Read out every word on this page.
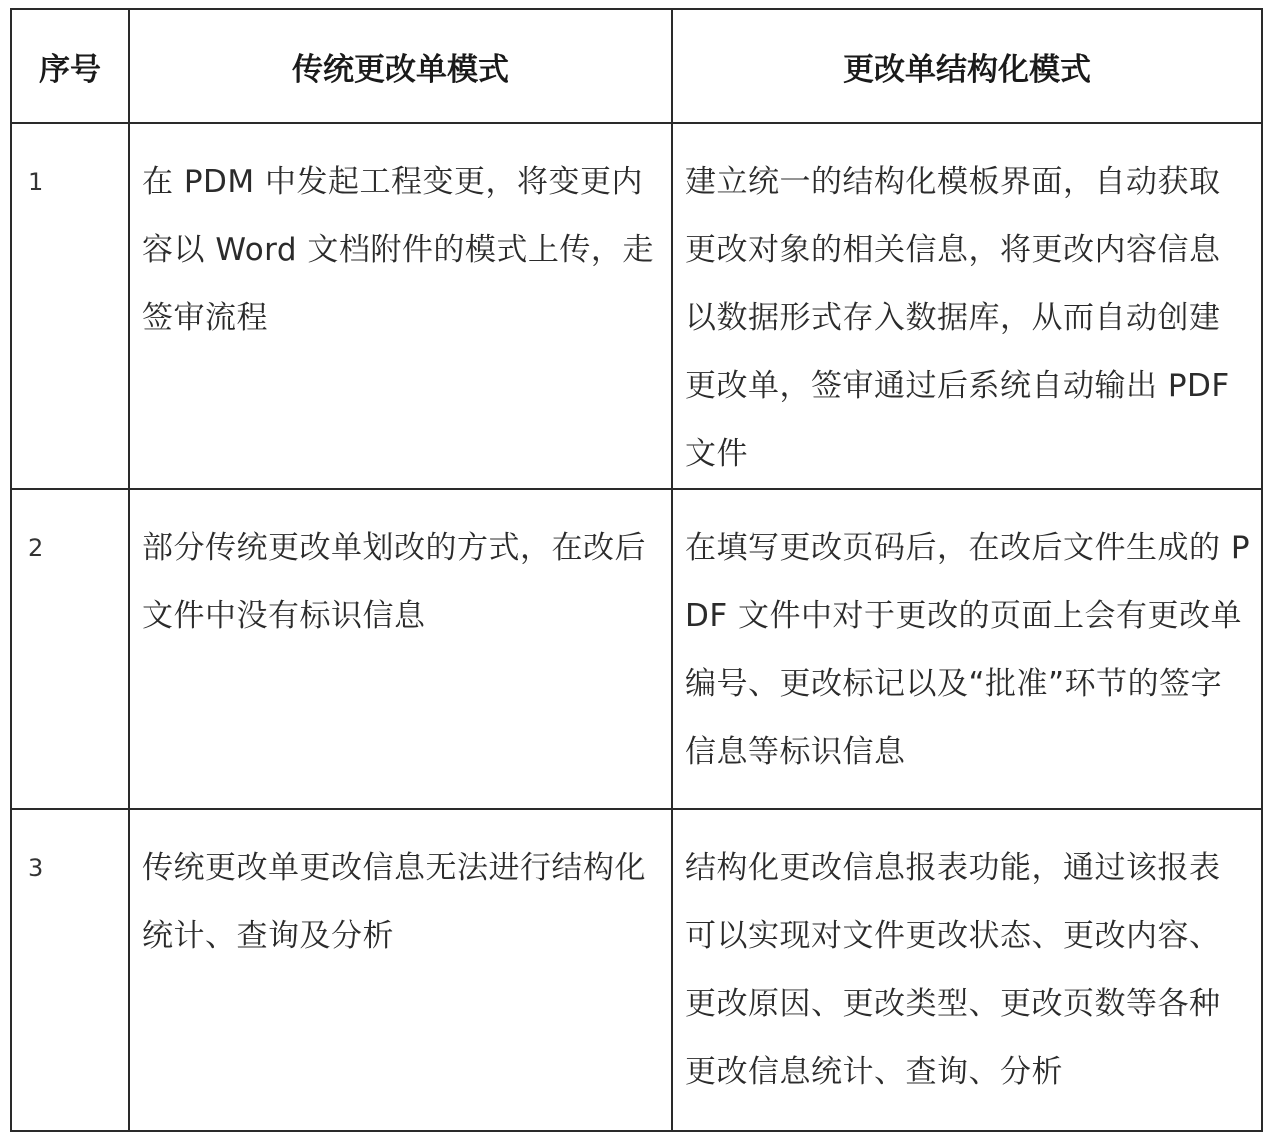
序号	传统更改单模式	更改单结构化模式
1	在 PDM 中发起工程变更，将变更内容以 Word 文档附件的模式上传，走签审流程	建立统一的结构化模板界面，自动获取更改对象的相关信息，将更改内容信息以数据形式存入数据库，从而自动创建更改单，签审通过后系统自动输出 PDF 文件
2	部分传统更改单划改的方式，在改后文件中没有标识信息	在填写更改页码后，在改后文件生成的 PDF 文件中对于更改的页面上会有更改单编号、更改标记以及“批准”环节的签字信息等标识信息
3	传统更改单更改信息无法进行结构化统计、查询及分析	结构化更改信息报表功能，通过该报表可以实现对文件更改状态、更改内容、更改原因、更改类型、更改页数等各种更改信息统计、查询、分析
